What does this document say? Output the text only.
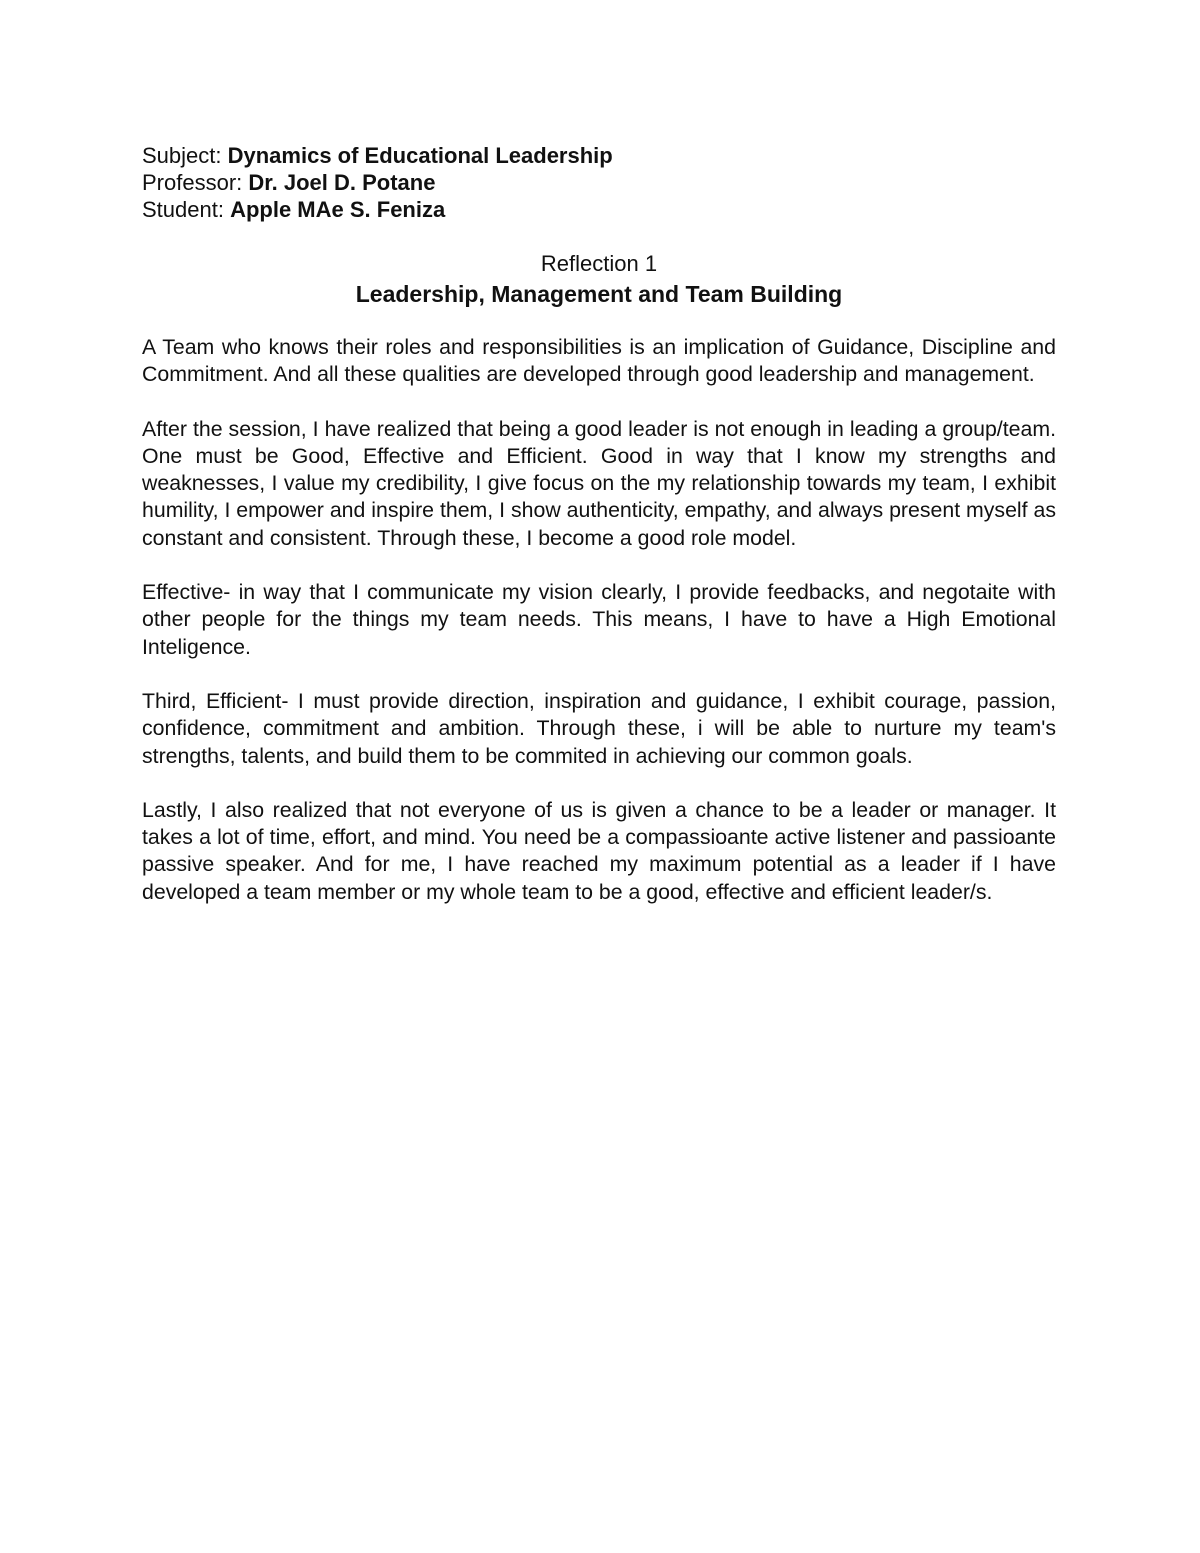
Subject: Dynamics of Educational Leadership

Professor: Dr. Joel D. Potane

Student: Apple MAe S. Feniza

Reflection 1

Leadership, Management and Team Building

A Team who knows their roles and responsibilities is an implication of Guidance, Discipline and Commitment. And all these qualities are developed through good leadership and management.

After the session, I have realized that being a good leader is not enough in leading a group/team. One must be Good, Effective and Efficient. Good in way that I know my strengths and weaknesses, I value my credibility, I give focus on the my relationship towards my team, I exhibit humility, I empower and inspire them, I show authenticity, empathy, and always present myself as constant and consistent. Through these, I become a good role model.

Effective- in way that I communicate my vision clearly, I provide feedbacks, and negotaite with other people for the things my team needs. This means, I have to have a High Emotional Inteligence.

Third, Efficient- I must provide direction, inspiration and guidance, I exhibit courage, passion, confidence, commitment and ambition. Through these, i will be able to nurture my team's strengths, talents, and build them to be commited in achieving our common goals.

Lastly, I also realized that not everyone of us is given a chance to be a leader or manager. It takes a lot of time, effort, and mind. You need be a compassioante active listener and passioante passive speaker. And for me, I have reached my maximum potential as a leader if I have developed a team member or my whole team to be a good, effective and efficient leader/s.
